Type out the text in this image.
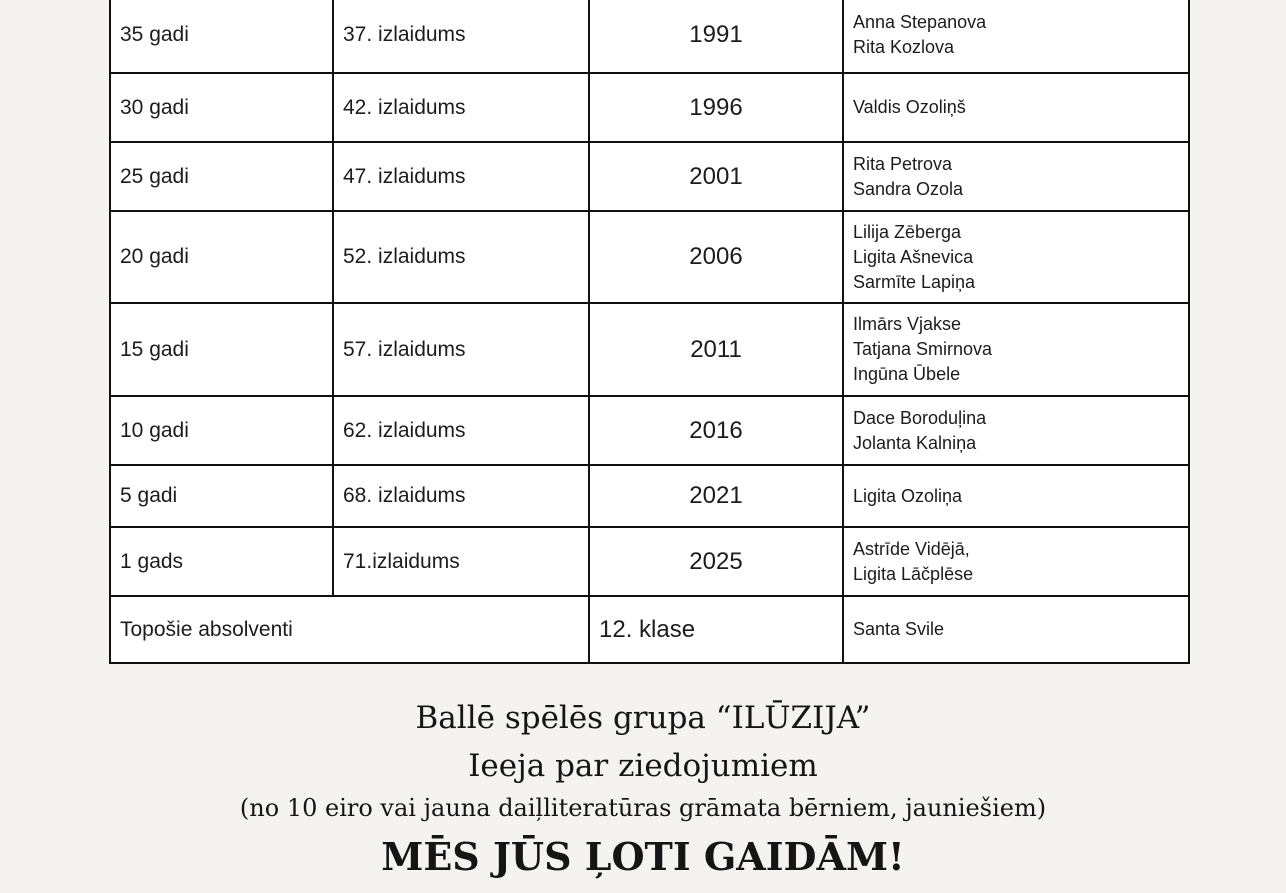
35 gadi	37. izlaidums	1991	Anna Stepanova
Rita Kozlova

30 gadi	42. izlaidums	1996	Valdis Ozoliņš

25 gadi	47. izlaidums	2001	Rita Petrova
Sandra Ozola

20 gadi	52. izlaidums	2006	Lilija Zēberga
Ligita Ašnevica
Sarmīte Lapiņa

15 gadi	57. izlaidums	2011	Ilmārs Vjakse
Tatjana Smirnova
Ingūna Ūbele

10 gadi	62. izlaidums	2016	Dace Boroduļina
Jolanta Kalniņa

5 gadi	68. izlaidums	2021	Ligita Ozoliņa

1 gads	71.izlaidums	2025	Astrīde Vidējā,
Ligita Lāčplēse

Topošie absolventi		12. klase	Santa Svile
Ballē spēlēs grupa “ILŪZIJA”
Ieeja par ziedojumiem
(no 10 eiro vai jauna daiļliteratūras grāmata bērniem, jauniešiem)
MĒS JŪS ĻOTI GAIDĀM!
